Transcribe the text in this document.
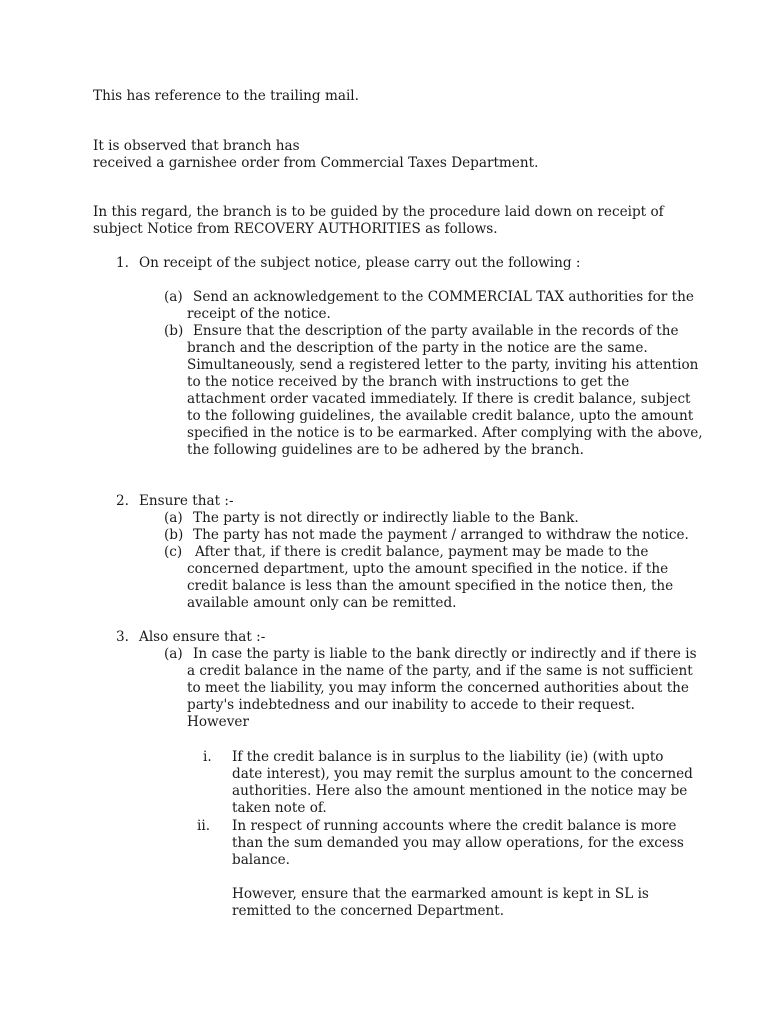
This has reference to the trailing mail.
It is observed that branch has
received a garnishee order from Commercial Taxes Department.
In this regard, the branch is to be guided by the procedure laid down on receipt of
subject Notice from RECOVERY AUTHORITIES as follows.
1. On receipt of the subject notice, please carry out the following :
(a) Send an acknowledgement to the COMMERCIAL TAX authorities for the
receipt of the notice.
(b) Ensure that the description of the party available in the records of the
branch and the description of the party in the notice are the same.
Simultaneously, send a registered letter to the party, inviting his attention
to the notice received by the branch with instructions to get the
attachment order vacated immediately. If there is credit balance, subject
to the following guidelines, the available credit balance, upto the amount
specified in the notice is to be earmarked. After complying with the above,
the following guidelines are to be adhered by the branch.
2. Ensure that :-
(a) The party is not directly or indirectly liable to the Bank.
(b) The party has not made the payment / arranged to withdraw the notice.
(c) After that, if there is credit balance, payment may be made to the
concerned department, upto the amount specified in the notice. if the
credit balance is less than the amount specified in the notice then, the
available amount only can be remitted.
3. Also ensure that :-
(a) In case the party is liable to the bank directly or indirectly and if there is
a credit balance in the name of the party, and if the same is not sufficient
to meet the liability, you may inform the concerned authorities about the
party's indebtedness and our inability to accede to their request.
However
i. If the credit balance is in surplus to the liability (ie) (with upto
date interest), you may remit the surplus amount to the concerned
authorities. Here also the amount mentioned in the notice may be
taken note of.
ii. In respect of running accounts where the credit balance is more
than the sum demanded you may allow operations, for the excess
balance.
However, ensure that the earmarked amount is kept in SL is
remitted to the concerned Department.
